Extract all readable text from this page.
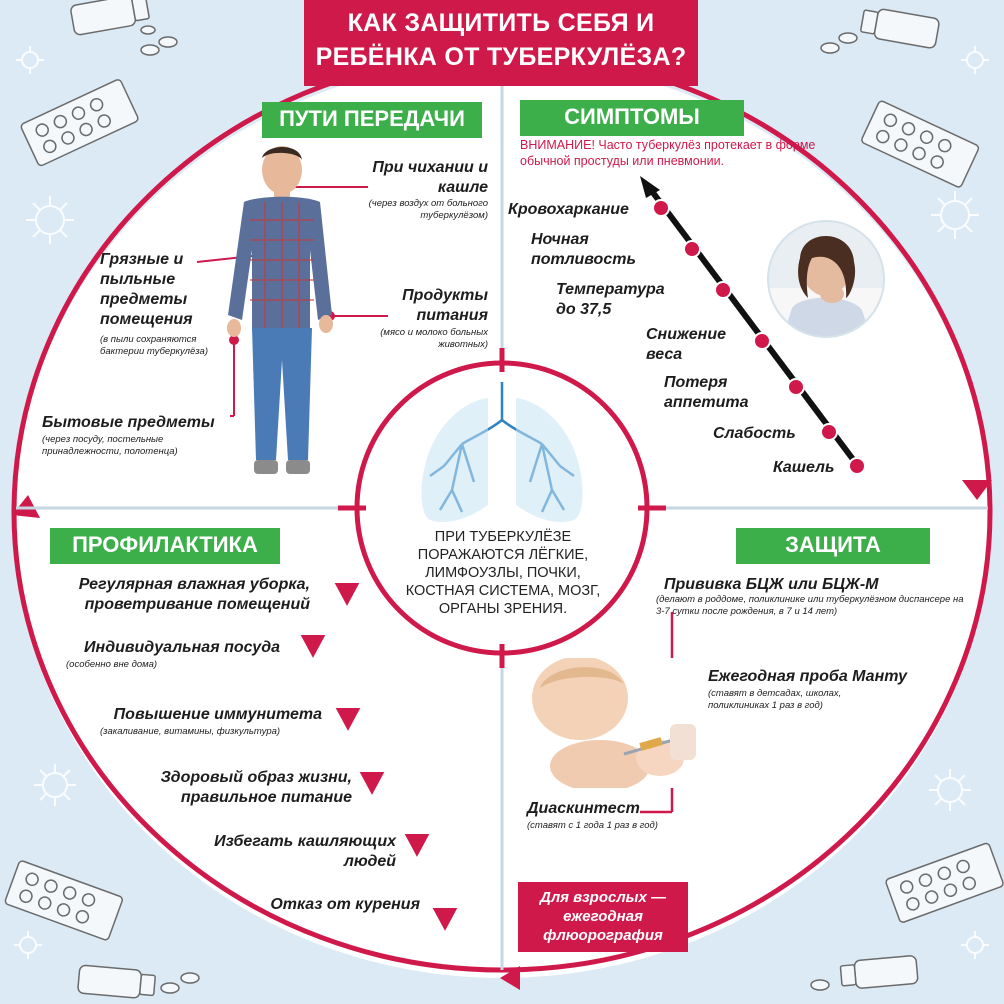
КАК ЗАЩИТИТЬ СЕБЯ И
РЕБЁНКА ОТ ТУБЕРКУЛЁЗА?
ПУТИ ПЕРЕДАЧИ	СИМПТОМЫ
ПРОФИЛАКТИКА	ЗАЩИТА
При чихании и кашле
(через воздух от больного туберкулёзом)
Грязные и пыльные предметы помещения
(в пыли сохраняются бактерии туберкулёза)
Продукты питания
(мясо и молоко больных животных)
Бытовые предметы
(через посуду, постельные принадлежности, полотенца)
ВНИМАНИЕ! Часто туберкулёз протекает в форме обычной простуды или пневмонии.
Кровохаркание
Ночная потливость
Температура до 37,5
Снижение веса
Потеря аппетита
Слабость
Кашель
ПРИ ТУБЕРКУЛЁЗЕ ПОРАЖАЮТСЯ ЛЁГКИЕ, ЛИМФОУЗЛЫ, ПОЧКИ, КОСТНАЯ СИСТЕМА, МОЗГ, ОРГАНЫ ЗРЕНИЯ.
Регулярная влажная уборка, проветривание помещений
Индивидуальная посуда
(особенно вне дома)
Повышение иммунитета
(закаливание, витамины, физкультура)
Здоровый образ жизни, правильное питание
Избегать кашляющих людей
Отказ от курения
Прививка БЦЖ или БЦЖ-М
(делают в роддоме, поликлинике или туберкулёзном диспансере на 3-7 сутки после рождения, в 7 и 14 лет)
Ежегодная проба Манту
(ставят в детсадах, школах, поликлиниках 1 раз в год)
Диаскинтест
(ставят с 1 года 1 раз в год)
Для взрослых — ежегодная флюорография
